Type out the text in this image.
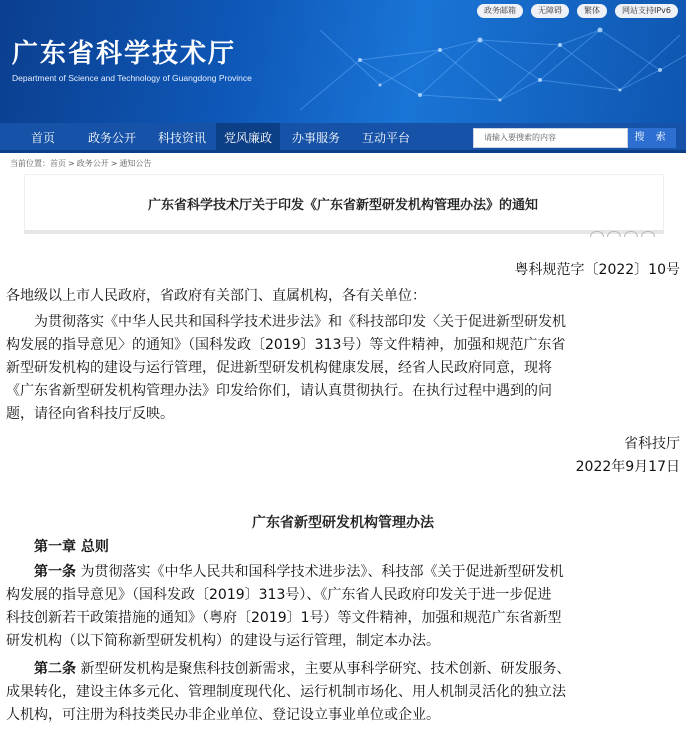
政务邮箱	无障碍	繁体	网站支持IPv6
广东省科学技术厅
Department of Science and Technology of Guangdong Province
首页	政务公开	科技资讯	党风廉政	办事服务	互动平台	请输入要搜索的内容	搜 索
当前位置：首页 > 政务公开 > 通知公告
广东省科学技术厅关于印发《广东省新型研发机构管理办法》的通知
粤科规范字〔2022〕10号
各地级以上市人民政府，省政府有关部门、直属机构，各有关单位：
为贯彻落实《中华人民共和国科学技术进步法》和《科技部印发〈关于促进新型研发机
构发展的指导意见〉的通知》（国科发政〔2019〕313号）等文件精神，加强和规范广东省
新型研发机构的建设与运行管理，促进新型研发机构健康发展，经省人民政府同意，现将
《广东省新型研发机构管理办法》印发给你们，请认真贯彻执行。在执行过程中遇到的问
题，请径向省科技厅反映。
省科技厅
2022年9月17日
广东省新型研发机构管理办法
第一章 总则
第一条 为贯彻落实《中华人民共和国科学技术进步法》、科技部《关于促进新型研发机
构发展的指导意见》（国科发政〔2019〕313号）、《广东省人民政府印发关于进一步促进
科技创新若干政策措施的通知》（粤府〔2019〕1号）等文件精神，加强和规范广东省新型
研发机构（以下简称新型研发机构）的建设与运行管理，制定本办法。
第二条 新型研发机构是聚焦科技创新需求，主要从事科学研究、技术创新、研发服务、
成果转化，建设主体多元化、管理制度现代化、运行机制市场化、用人机制灵活化的独立法
人机构，可注册为科技类民办非企业单位、登记设立事业单位或企业。
